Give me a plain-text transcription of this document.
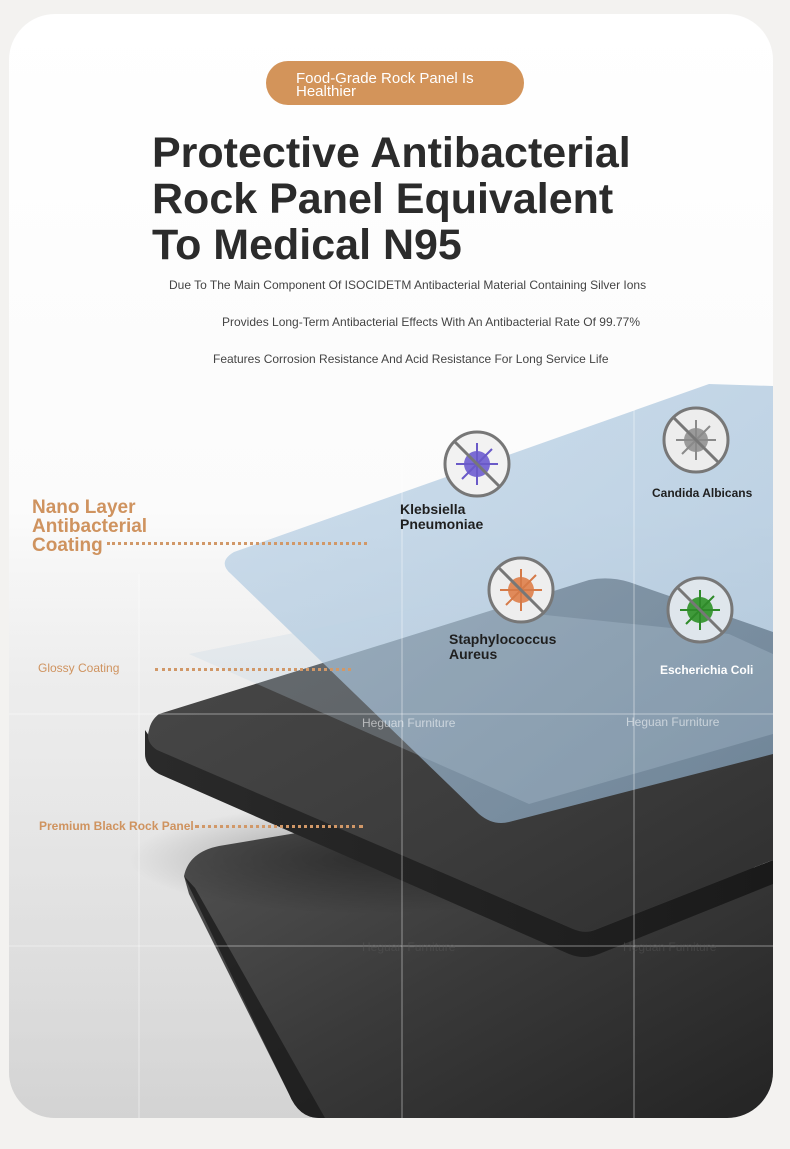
Food-Grade Rock Panel Is Healthier
Protective Antibacterial
Rock Panel Equivalent
To Medical N95
Due To The Main Component Of ISOCIDETM Antibacterial Material Containing Silver Ions
Provides Long-Term Antibacterial Effects With An Antibacterial Rate Of 99.77%
Features Corrosion Resistance And Acid Resistance For Long Service Life
Nano Layer Antibacterial Coating
Glossy Coating
Premium Black Rock Panel
Klebsiella Pneumoniae
Candida Albicans
Staphylococcus Aureus
Escherichia Coli
Heguan Furniture	Heguan Furniture
Heguan Furniture	Heguan Furniture
